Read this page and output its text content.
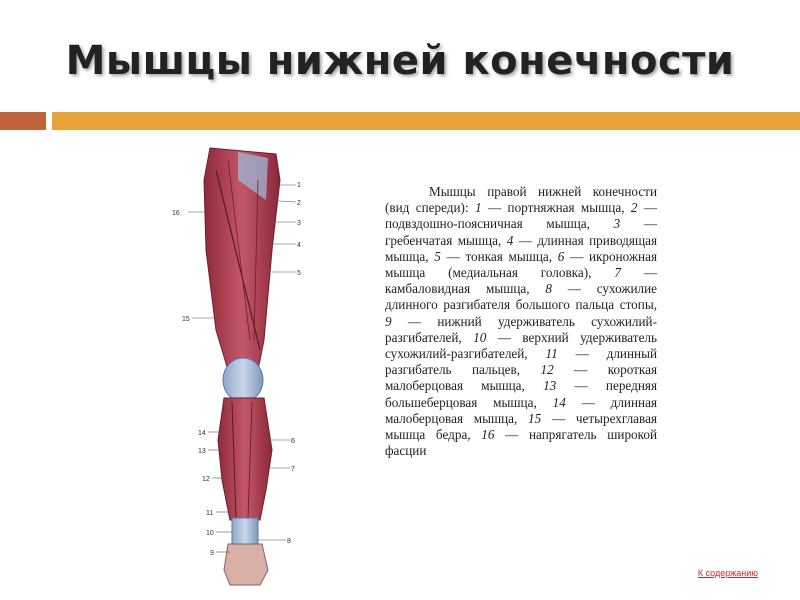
Мышцы нижней конечности
1
2
3
4
5
6
7
8
9
10
11
12
13
14
15
16

Мышцы правой нижней конечности (вид спереди): 1 — портняжная мышца, 2 — подвздошно-поясничная мышца, 3 — гребенчатая мышца, 4 — длинная приводящая мышца, 5 — тонкая мышца, 6 — икроножная мышца (медиальная головка), 7 — камбаловидная мышца, 8 — сухожилие длинного разгибателя большого пальца стопы, 9 — нижний удерживатель сухожилий-разгибателей, 10 — верхний удерживатель сухожилий-разгибателей, 11 — длинный разгибатель пальцев, 12 — короткая малоберцовая мышца, 13 — передняя большеберцовая мышца, 14 — длинная малоберцовая мышца, 15 — четырехглавая мышца бедра, 16 — напрягатель широкой фасции

К содержанию
